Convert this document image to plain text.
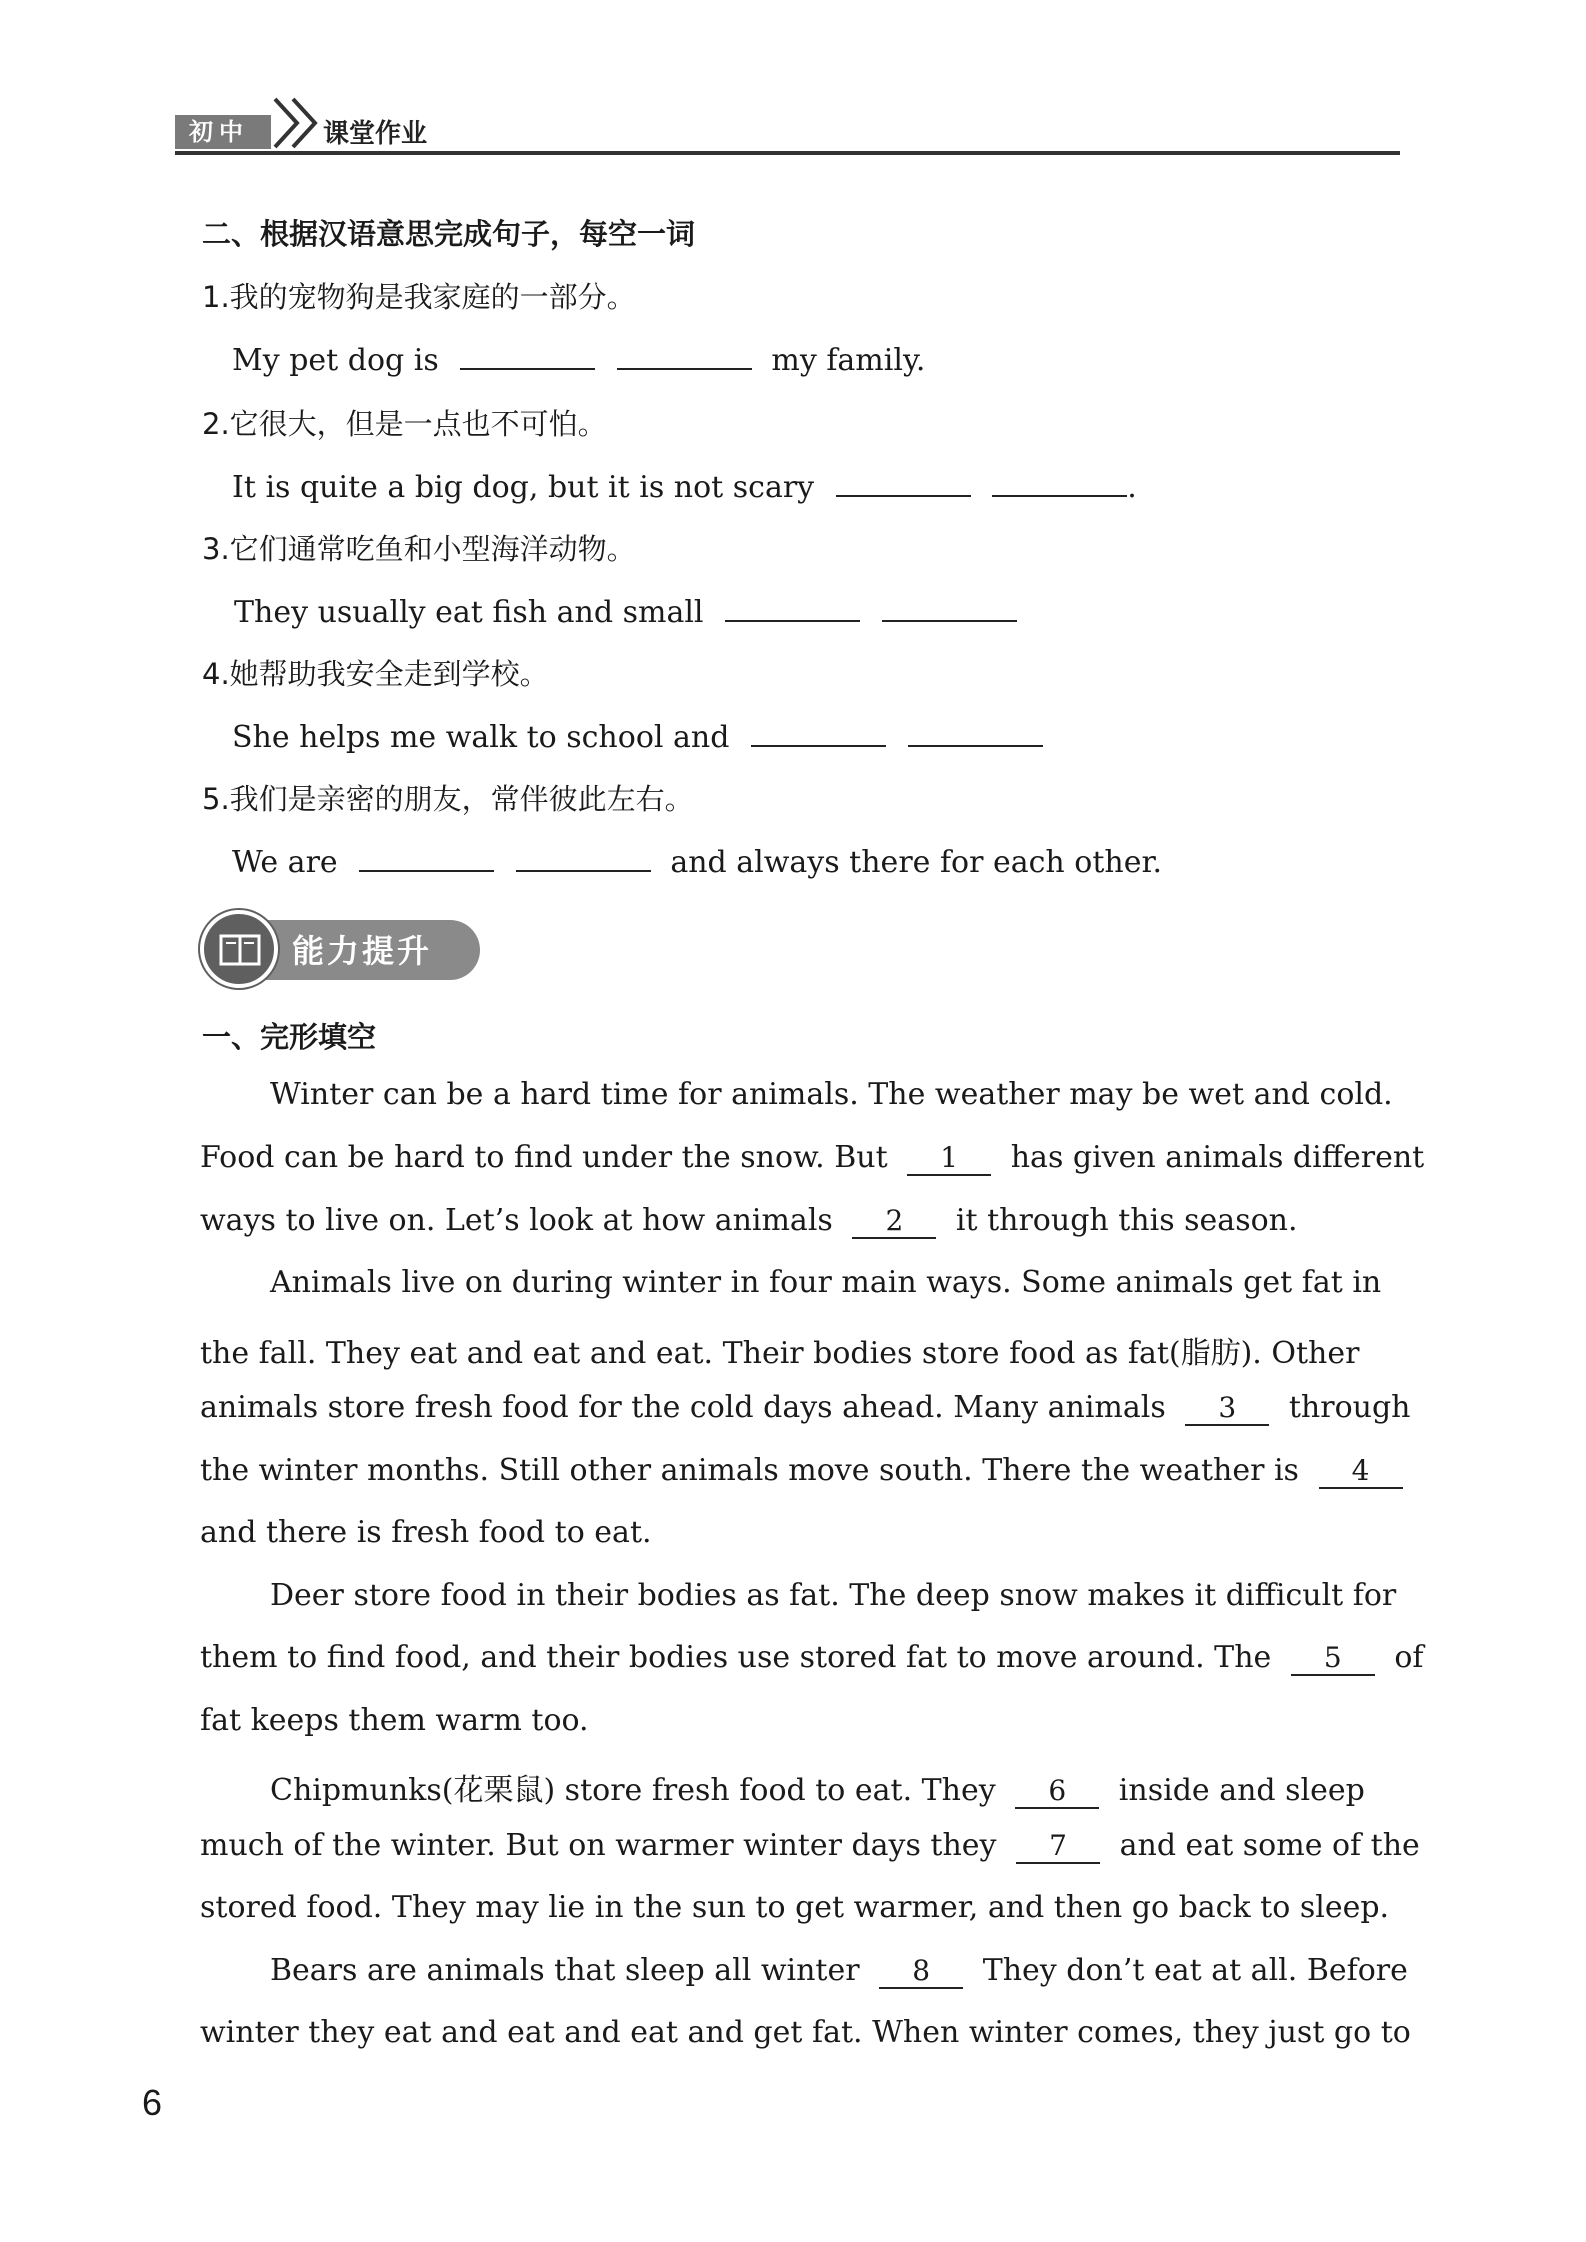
初中	课堂作业
二、根据汉语意思完成句子，每空一词
1.我的宠物狗是我家庭的一部分。
My pet dog is	my family.
2.它很大，但是一点也不可怕。
It is quite a big dog, but it is not scary	.
3.它们通常吃鱼和小型海洋动物。
They usually eat fish and small
4.她帮助我安全走到学校。
She helps me walk to school and
5.我们是亲密的朋友，常伴彼此左右。
We are	and always there for each other.
能力提升
一、完形填空
Winter can be a hard time for animals. The weather may be wet and cold.
Food can be hard to find under the snow. But 1 has given animals different
ways to live on. Let’s look at how animals 2 it through this season.
Animals live on during winter in four main ways. Some animals get fat in
the fall. They eat and eat and eat. Their bodies store food as fat(脂肪). Other
animals store fresh food for the cold days ahead. Many animals 3 through
the winter months. Still other animals move south. There the weather is 4
and there is fresh food to eat.
Deer store food in their bodies as fat. The deep snow makes it difficult for
them to find food, and their bodies use stored fat to move around. The 5 of
fat keeps them warm too.
Chipmunks(花栗鼠) store fresh food to eat. They 6 inside and sleep
much of the winter. But on warmer winter days they 7 and eat some of the
stored food. They may lie in the sun to get warmer, and then go back to sleep.
Bears are animals that sleep all winter 8 They don’t eat at all. Before
winter they eat and eat and eat and get fat. When winter comes, they just go to
6
